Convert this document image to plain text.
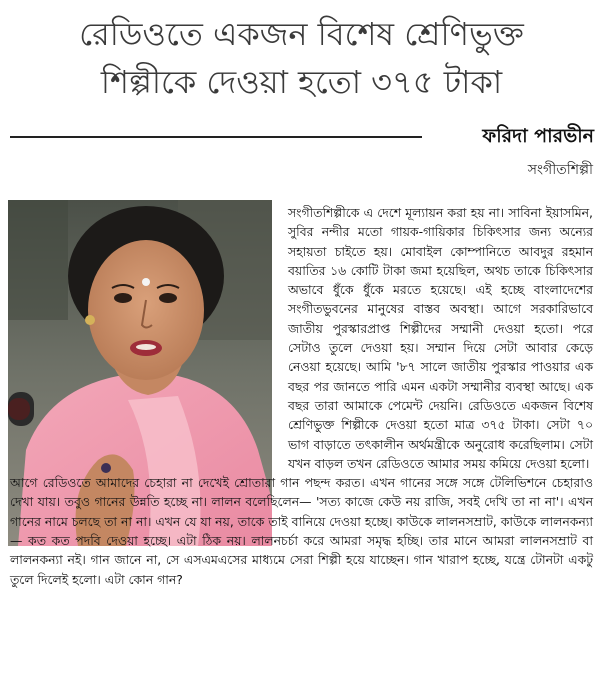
রেডিওতে একজন বিশেষ শ্রেণিভুক্ত
শিল্পীকে দেওয়া হতো ৩৭৫ টাকা
ফরিদা পারভীন
সংগীতশিল্পী

সংগীতশিল্পীকে এ দেশে মূল্যায়ন করা হয় না। সাবিনা ইয়াসমিন, সুবির নন্দীর মতো গায়ক-গায়িকার চিকিৎসার জন্য অন্যের সহায়তা চাইতে হয়। মোবাইল কোম্পানিতে আবদুর রহমান বয়াতির ১৬ কোটি টাকা জমা হয়েছিল, অথচ তাকে চিকিৎসার অভাবে ধুঁকে ধুঁকে মরতে হয়েছে। এই হচ্ছে বাংলাদেশের সংগীতভুবনের মানুষের বাস্তব অবস্থা। আগে সরকারিভাবে জাতীয় পুরস্কারপ্রাপ্ত শিল্পীদের সম্মানী দেওয়া হতো। পরে সেটাও তুলে দেওয়া হয়। সম্মান দিয়ে সেটা আবার কেড়ে নেওয়া হয়েছে। আমি '৮৭ সালে জাতীয় পুরস্কার পাওয়ার এক বছর পর জানতে পারি এমন একটা সম্মানীর ব্যবস্থা আছে। এক বছর তারা আমাকে পেমেন্ট দেয়নি। রেডিওতে একজন বিশেষ শ্রেণিভুক্ত শিল্পীকে দেওয়া হতো মাত্র ৩৭৫ টাকা। সেটা ৭০ ভাগ বাড়াতে তৎকালীন অর্থমন্ত্রীকে অনুরোধ করেছিলাম। সেটা যখন বাড়ল তখন রেডিওতে আমার সময় কমিয়ে দেওয়া হলো।

আগে রেডিওতে আমাদের চেহারা না দেখেই শ্রোতারা গান পছন্দ করত। এখন গানের সঙ্গে সঙ্গে টেলিভিশনে চেহারাও দেখা যায়। তবুও গানের উন্নতি হচ্ছে না। লালন বলেছিলেন— 'সত্য কাজে কেউ নয় রাজি, সবই দেখি তা না না'। এখন গানের নামে চলছে তা না না। এখন যে যা নয়, তাকে তাই বানিয়ে দেওয়া হচ্ছে। কাউকে লালনসম্রাট, কাউকে লালনকন্যা— কত কত পদবি দেওয়া হচ্ছে। এটা ঠিক নয়। লালনচর্চা করে আমরা সমৃদ্ধ হচ্ছি। তার মানে আমরা লালনসম্রাট বা লালনকন্যা নই। গান জানে না, সে এসএমএসের মাধ্যমে সেরা শিল্পী হয়ে যাচ্ছেন। গান খারাপ হচ্ছে, যন্ত্রে টোনটা একটু তুলে দিলেই হলো। এটা কোন গান?
